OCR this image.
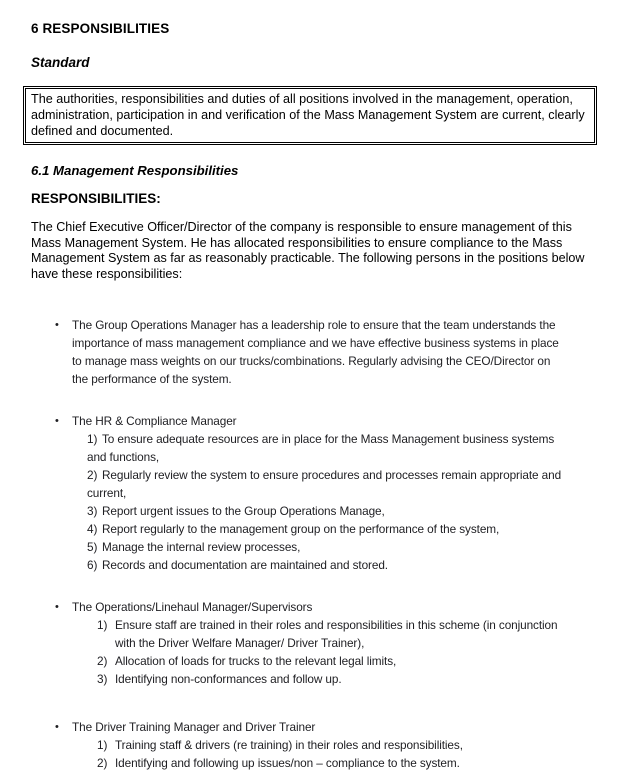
6 RESPONSIBILITIES
Standard

The authorities, responsibilities and duties of all positions involved in the management, operation, administration, participation in and verification of the Mass Management System are current, clearly defined and documented.

6.1 Management Responsibilities
RESPONSIBILITIES:

The Chief Executive Officer/Director of the company is responsible to ensure management of this Mass Management System. He has allocated responsibilities to ensure compliance to the Mass Management System as far as reasonably practicable. The following persons in the positions below have these responsibilities:

•	The Group Operations Manager has a leadership role to ensure that the team understands the importance of mass management compliance and we have effective business systems in place to manage mass weights on our trucks/combinations. Regularly advising the CEO/Director on the performance of the system.
•	The HR & Compliance Manager
1) To ensure adequate resources are in place for the Mass Management business systems and functions,
2) Regularly review the system to ensure procedures and processes remain appropriate and current,
3) Report urgent issues to the Group Operations Manage,
4) Report regularly to the management group on the performance of the system,
5) Manage the internal review processes,
6) Records and documentation are maintained and stored.
•	The Operations/Linehaul Manager/Supervisors
1) Ensure staff are trained in their roles and responsibilities in this scheme (in conjunction with the Driver Welfare Manager/ Driver Trainer),
2) Allocation of loads for trucks to the relevant legal limits,
3) Identifying non-conformances and follow up.
•	The Driver Training Manager and Driver Trainer
1) Training staff & drivers (re training) in their roles and responsibilities,
2) Identifying and following up issues/non – compliance to the system.
